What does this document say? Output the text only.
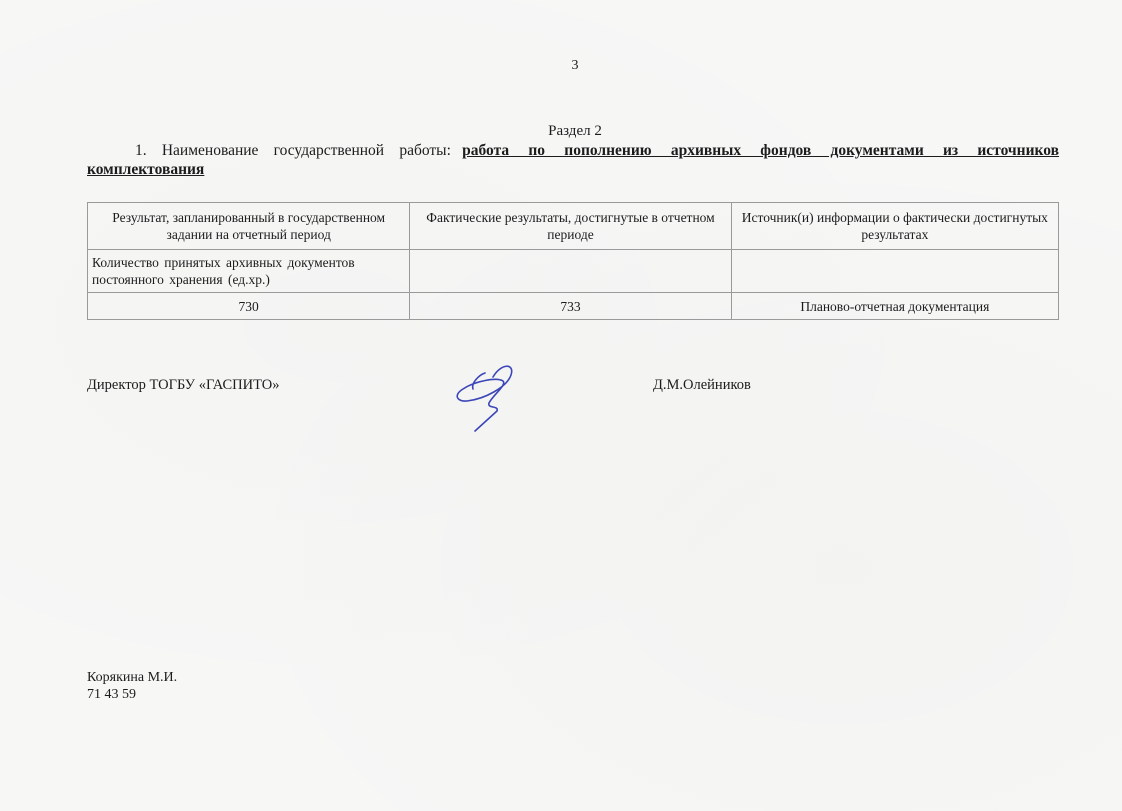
3
Раздел 2
1. Наименование государственной работы: работа по пополнению архивных фондов документами из источников комплектования
Результат, запланированный в государственном задании на отчетный период	Фактические результаты, достигнутые в отчетном периоде	Источник(и) информации о фактически достигнутых результатах
Количество принятых архивных документов постоянного хранения (ед.хр.)		
730	733	Планово-отчетная документация
Директор ТОГБУ «ГАСПИТО»	Д.М.Олейников
Корякина М.И.
71 43 59
